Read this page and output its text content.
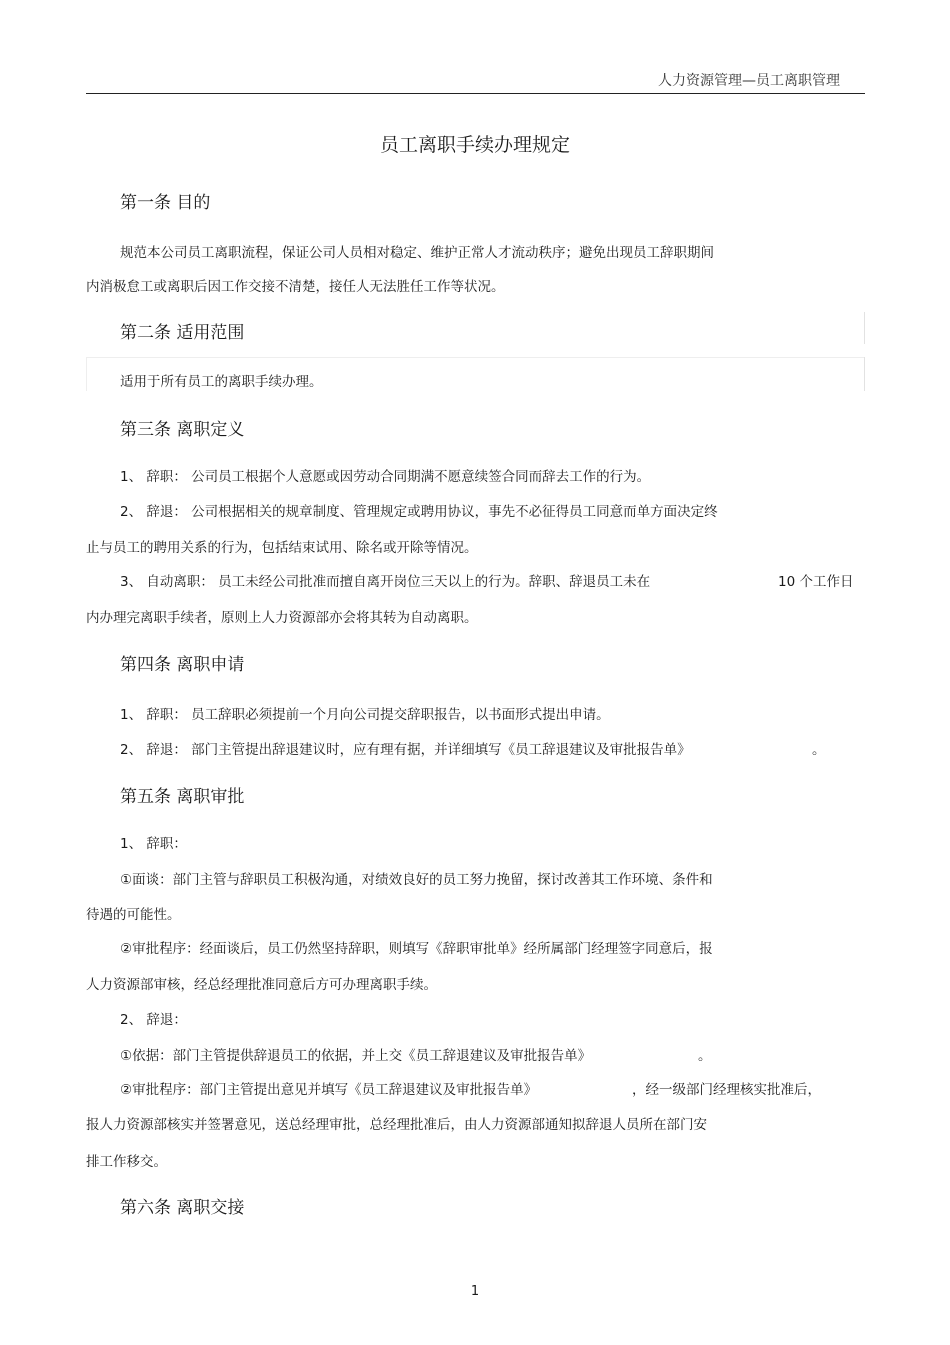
人力资源管理—员工离职管理
员工离职手续办理规定
第一条 目的
规范本公司员工离职流程，保证公司人员相对稳定、维护正常人才流动秩序；避免出现员工辞职期间
内消极怠工或离职后因工作交接不清楚，接任人无法胜任工作等状况。
第二条 适用范围
适用于所有员工的离职手续办理。
第三条 离职定义
1、 辞职： 公司员工根据个人意愿或因劳动合同期满不愿意续签合同而辞去工作的行为。
2、 辞退： 公司根据相关的规章制度、管理规定或聘用协议，事先不必征得员工同意而单方面决定终
止与员工的聘用关系的行为，包括结束试用、除名或开除等情况。
3、 自动离职： 员工未经公司批准而擅自离开岗位三天以上的行为。辞职、辞退员工未在	10 个工作日
内办理完离职手续者，原则上人力资源部亦会将其转为自动离职。
第四条 离职申请
1、 辞职： 员工辞职必须提前一个月向公司提交辞职报告，以书面形式提出申请。
2、 辞退： 部门主管提出辞退建议时，应有理有据，并详细填写《员工辞退建议及审批报告单》	。
第五条 离职审批
1、 辞职：
①面谈：部门主管与辞职员工积极沟通，对绩效良好的员工努力挽留，探讨改善其工作环境、条件和
待遇的可能性。
②审批程序：经面谈后，员工仍然坚持辞职，则填写《辞职审批单》经所属部门经理签字同意后，报
人力资源部审核，经总经理批准同意后方可办理离职手续。
2、 辞退：
①依据：部门主管提供辞退员工的依据，并上交《员工辞退建议及审批报告单》	。
②审批程序：部门主管提出意见并填写《员工辞退建议及审批报告单》	，经一级部门经理核实批准后，
报人力资源部核实并签署意见，送总经理审批，总经理批准后，由人力资源部通知拟辞退人员所在部门安
排工作移交。
第六条 离职交接
1
